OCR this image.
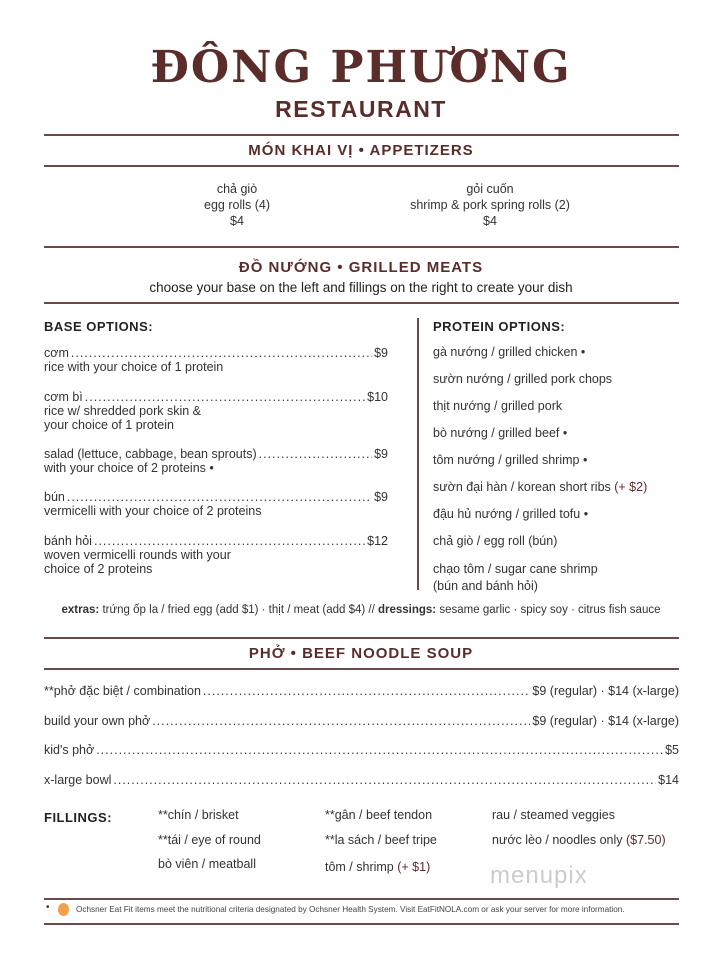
ĐÔNG PHƯƠNG
RESTAURANT
MÓN KHAI VỊ • APPETIZERS
chả giò
egg rolls (4)
$4
gỏi cuốn
shrimp & pork spring rolls (2)
$4
ĐỒ NƯỚNG • GRILLED MEATS
choose your base on the left and fillings on the right to create your dish
BASE OPTIONS:	PROTEIN OPTIONS:
cơm .....	$9
rice with your choice of 1 protein
cơm bì .....	$10
rice w/ shredded pork skin &
your choice of 1 protein
salad (lettuce, cabbage, bean sprouts) .....	$9
with your choice of 2 proteins •
bún .....	$9
vermicelli with your choice of 2 proteins
bánh hỏi .....	$12
woven vermicelli rounds with your
choice of 2 proteins
gà nướng / grilled chicken •
sườn nướng / grilled pork chops
thịt nướng / grilled pork
bò nướng / grilled beef •
tôm nướng / grilled shrimp •
sườn đại hàn / korean short ribs (+ $2)
đậu hủ nướng / grilled tofu •
chả giò / egg roll (bún)
chạo tôm / sugar cane shrimp
(bún and bánh hỏi)
extras: trứng ốp la / fried egg (add $1) · thịt / meat (add $4) // dressings: sesame garlic · spicy soy · citrus fish sauce
PHỞ • BEEF NOODLE SOUP
**phở đặc biệt / combination .....	$9 (regular) · $14 (x-large)
build your own phở .....	$9 (regular) · $14 (x-large)
kid's phở .....	$5
x-large bowl .....	$14
FILLINGS:	**chín / brisket
**tái / eye of round
bò viên / meatball
**gân / beef tendon
**la sách / beef tripe
tôm / shrimp (+ $1)
rau / steamed veggies
nước lèo / noodles only ($7.50)
menupix
•	Ochsner Eat Fit items meet the nutritional criteria designated by Ochsner Health System. Visit EatFitNOLA.com or ask your server for more information.
